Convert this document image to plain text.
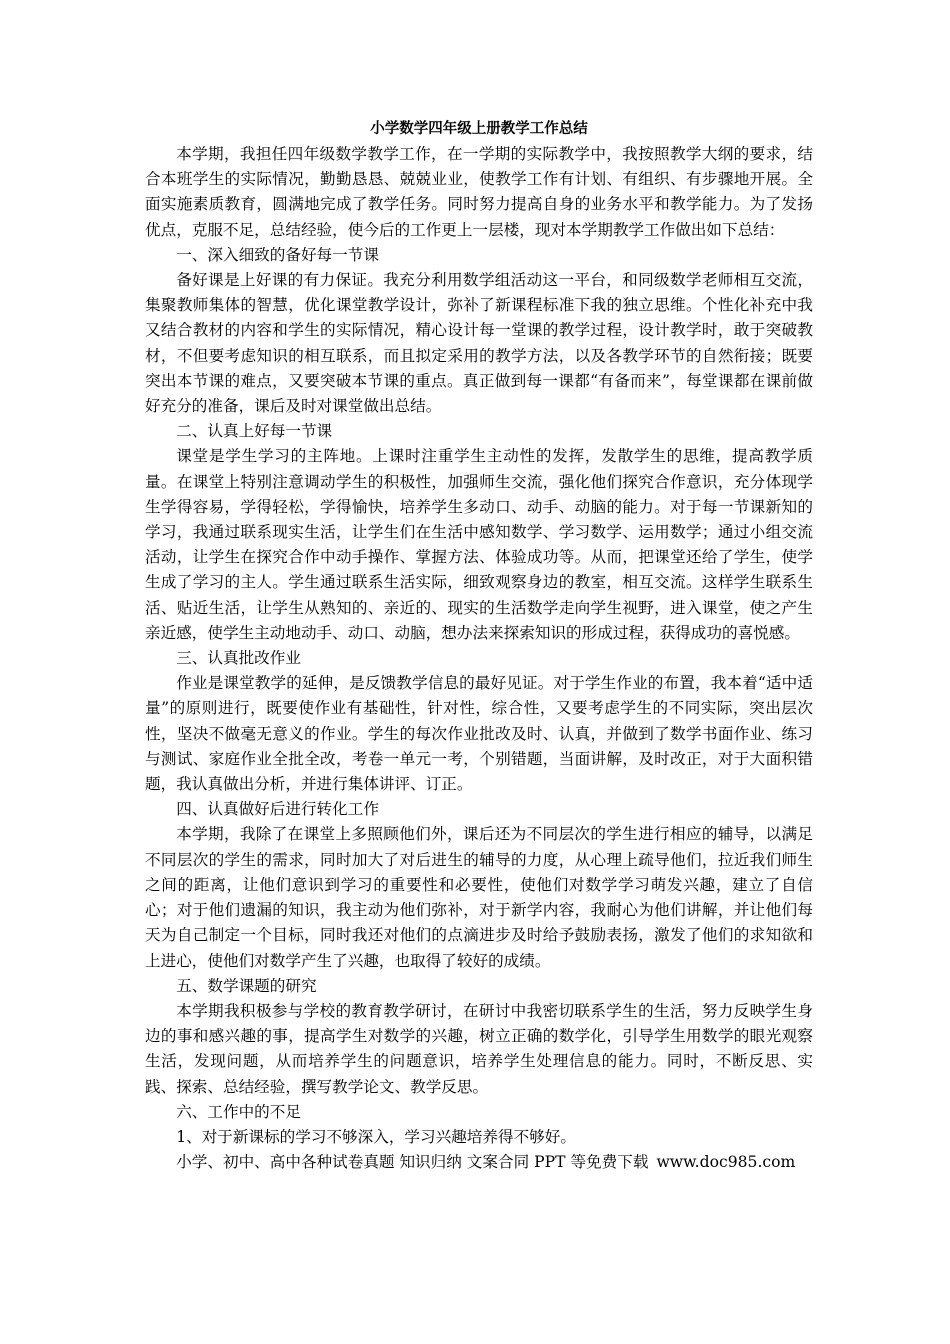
小学数学四年级上册教学工作总结

本学期，我担任四年级数学教学工作，在一学期的实际教学中，我按照教学大纲的要求，结合本班学生的实际情况，勤勤恳恳、兢兢业业，使教学工作有计划、有组织、有步骤地开展。全面实施素质教育，圆满地完成了教学任务。同时努力提高自身的业务水平和教学能力。为了发扬优点，克服不足，总结经验，使今后的工作更上一层楼，现对本学期教学工作做出如下总结：

一、深入细致的备好每一节课

备好课是上好课的有力保证。我充分利用数学组活动这一平台，和同级数学老师相互交流，集聚教师集体的智慧，优化课堂教学设计，弥补了新课程标准下我的独立思维。个性化补充中我又结合教材的内容和学生的实际情况，精心设计每一堂课的教学过程，设计教学时，敢于突破教材，不但要考虑知识的相互联系，而且拟定采用的教学方法，以及各教学环节的自然衔接；既要突出本节课的难点，又要突破本节课的重点。真正做到每一课都“有备而来”，每堂课都在课前做好充分的准备，课后及时对课堂做出总结。

二、认真上好每一节课

课堂是学生学习的主阵地。上课时注重学生主动性的发挥，发散学生的思维，提高教学质量。在课堂上特别注意调动学生的积极性，加强师生交流，强化他们探究合作意识，充分体现学生学得容易，学得轻松，学得愉快，培养学生多动口、动手、动脑的能力。对于每一节课新知的学习，我通过联系现实生活，让学生们在生活中感知数学、学习数学、运用数学；通过小组交流活动，让学生在探究合作中动手操作、掌握方法、体验成功等。从而，把课堂还给了学生，使学生成了学习的主人。学生通过联系生活实际，细致观察身边的教室，相互交流。这样学生联系生活、贴近生活，让学生从熟知的、亲近的、现实的生活数学走向学生视野，进入课堂，使之产生亲近感，使学生主动地动手、动口、动脑，想办法来探索知识的形成过程，获得成功的喜悦感。

三、认真批改作业

作业是课堂教学的延伸，是反馈教学信息的最好见证。对于学生作业的布置，我本着“适中适量”的原则进行，既要使作业有基础性，针对性，综合性，又要考虑学生的不同实际，突出层次性，坚决不做毫无意义的作业。学生的每次作业批改及时、认真，并做到了数学书面作业、练习与测试、家庭作业全批全改，考卷一单元一考，个别错题，当面讲解，及时改正，对于大面积错题，我认真做出分析，并进行集体讲评、订正。

四、认真做好后进行转化工作

本学期，我除了在课堂上多照顾他们外，课后还为不同层次的学生进行相应的辅导，以满足不同层次的学生的需求，同时加大了对后进生的辅导的力度，从心理上疏导他们，拉近我们师生之间的距离，让他们意识到学习的重要性和必要性，使他们对数学学习萌发兴趣，建立了自信心；对于他们遗漏的知识，我主动为他们弥补，对于新学内容，我耐心为他们讲解，并让他们每天为自己制定一个目标，同时我还对他们的点滴进步及时给予鼓励表扬，激发了他们的求知欲和上进心，使他们对数学产生了兴趣，也取得了较好的成绩。

五、数学课题的研究

本学期我积极参与学校的教育教学研讨，在研讨中我密切联系学生的生活，努力反映学生身边的事和感兴趣的事，提高学生对数学的兴趣，树立正确的数学化，引导学生用数学的眼光观察生活，发现问题，从而培养学生的问题意识，培养学生处理信息的能力。同时，不断反思、实践、探索、总结经验，撰写教学论文、教学反思。

六、工作中的不足

1、对于新课标的学习不够深入，学习兴趣培养得不够好。

小学、初中、高中各种试卷真题 知识归纳 文案合同 PPT 等免费下载 www.doc985.com
